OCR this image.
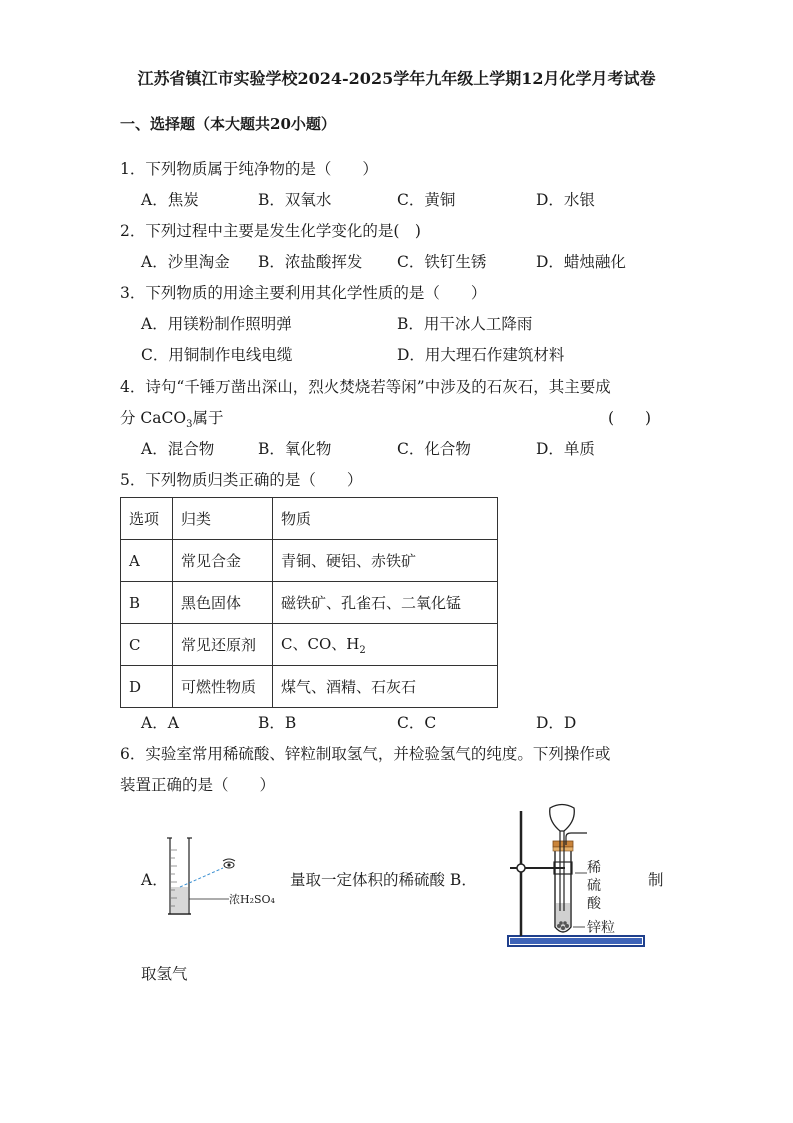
江苏省镇江市实验学校2024-2025学年九年级上学期12月化学月考试卷
一、选择题（本大题共20小题）
1．下列物质属于纯净物的是（　　）
A．焦炭	B．双氧水	C．黄铜	D．水银
2．下列过程中主要是发生化学变化的是(　)
A．沙里淘金 B．浓盐酸挥发 C．铁钉生锈	D．蜡烛融化
3．下列物质的用途主要利用其化学性质的是（　　）
A．用镁粉制作照明弹	B．用干冰人工降雨
C．用铜制作电线电缆	D．用大理石作建筑材料
4．诗句“千锤万凿出深山，烈火焚烧若等闲”中涉及的石灰石，其主要成
分 CaCO$_3$属于	(　　)
A．混合物	B．氧化物	C．化合物	D．单质
5．下列物质归类正确的是（　　）
选项	归类	物质
A	常见合金	青铜、硬铝、赤铁矿
B	黑色固体	磁铁矿、孔雀石、二氧化锰
C	常见还原剂	C、CO、$H_2$
D	可燃性物质	煤气、酒精、石灰石
A．A	B．B	C．C	D．D
6．实验室常用稀硫酸、锌粒制取氢气，并检验氢气的纯度。下列操作或
装置正确的是（　　）
A．
浓H₂SO₄
量取一定体积的稀硫酸 B．
稀
硫
酸
锌粒
制
取氢气
